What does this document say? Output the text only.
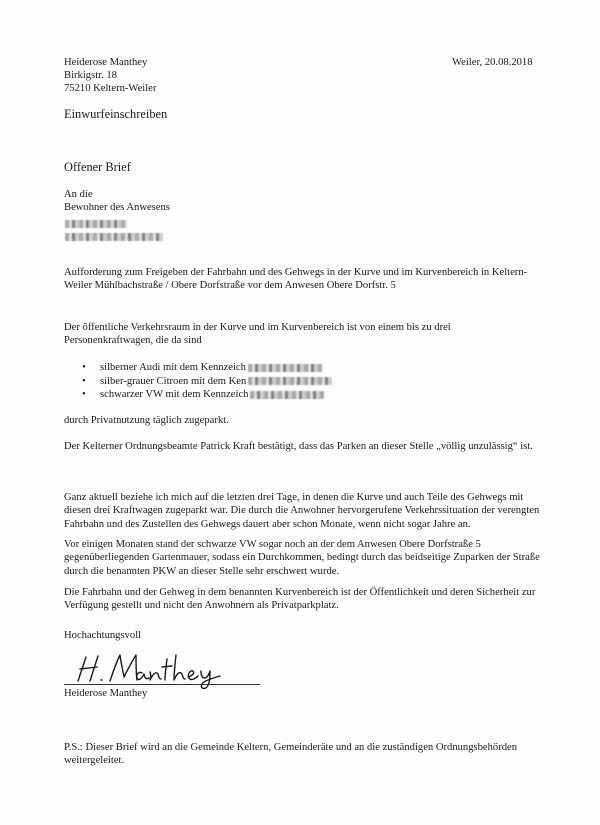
Heiderose Manthey
Birkigstr. 18
75210 Keltern-Weiler
Weiler, 20.08.2018
Einwurfeinschreiben
Offener Brief
An die
Bewohner des Anwesens
Aufforderung zum Freigeben der Fahrbahn und des Gehwegs in der Kurve und im Kurvenbereich in Keltern-Weiler Mühlbachstraße / Obere Dorfstraße vor dem Anwesen Obere Dorfstr. 5
Der öffentliche Verkehrsraum in der Kurve und im Kurvenbereich ist von einem bis zu drei Personenkraftwagen, die da sind
• silberner Audi mit dem Kennzeich
• silber-grauer Citroen mit dem Ken
• schwarzer VW mit dem Kennzeich
durch Privatnutzung täglich zugeparkt.
Der Kelterner Ordnungsbeamte Patrick Kraft bestätigt, dass das Parken an dieser Stelle „völlig unzulässig“ ist.
Ganz aktuell beziehe ich mich auf die letzten drei Tage, in denen die Kurve und auch Teile des Gehwegs mit diesen drei Kraftwagen zugeparkt war. Die durch die Anwohner hervorgerufene Verkehrssituation der verengten Fahrbahn und des Zustellen des Gehwegs dauert aber schon Monate, wenn nicht sogar Jahre an.
Vor einigen Monaten stand der schwarze VW sogar noch an der dem Anwesen Obere Dorfstraße 5 gegenüberliegenden Gartenmauer, sodass ein Durchkommen, bedingt durch das beidseitige Zuparken der Straße durch die benannten PKW an dieser Stelle sehr erschwert wurde.
Die Fahrbahn und der Gehweg in dem benannten Kurvenbereich ist der Öffentlichkeit und deren Sicherheit zur Verfügung gestellt und nicht den Anwohnern als Privatparkplatz.
Hochachtungsvoll
Heiderose Manthey
P.S.: Dieser Brief wird an die Gemeinde Keltern, Gemeinderäte und an die zuständigen Ordnungsbehörden weitergeleitet.
